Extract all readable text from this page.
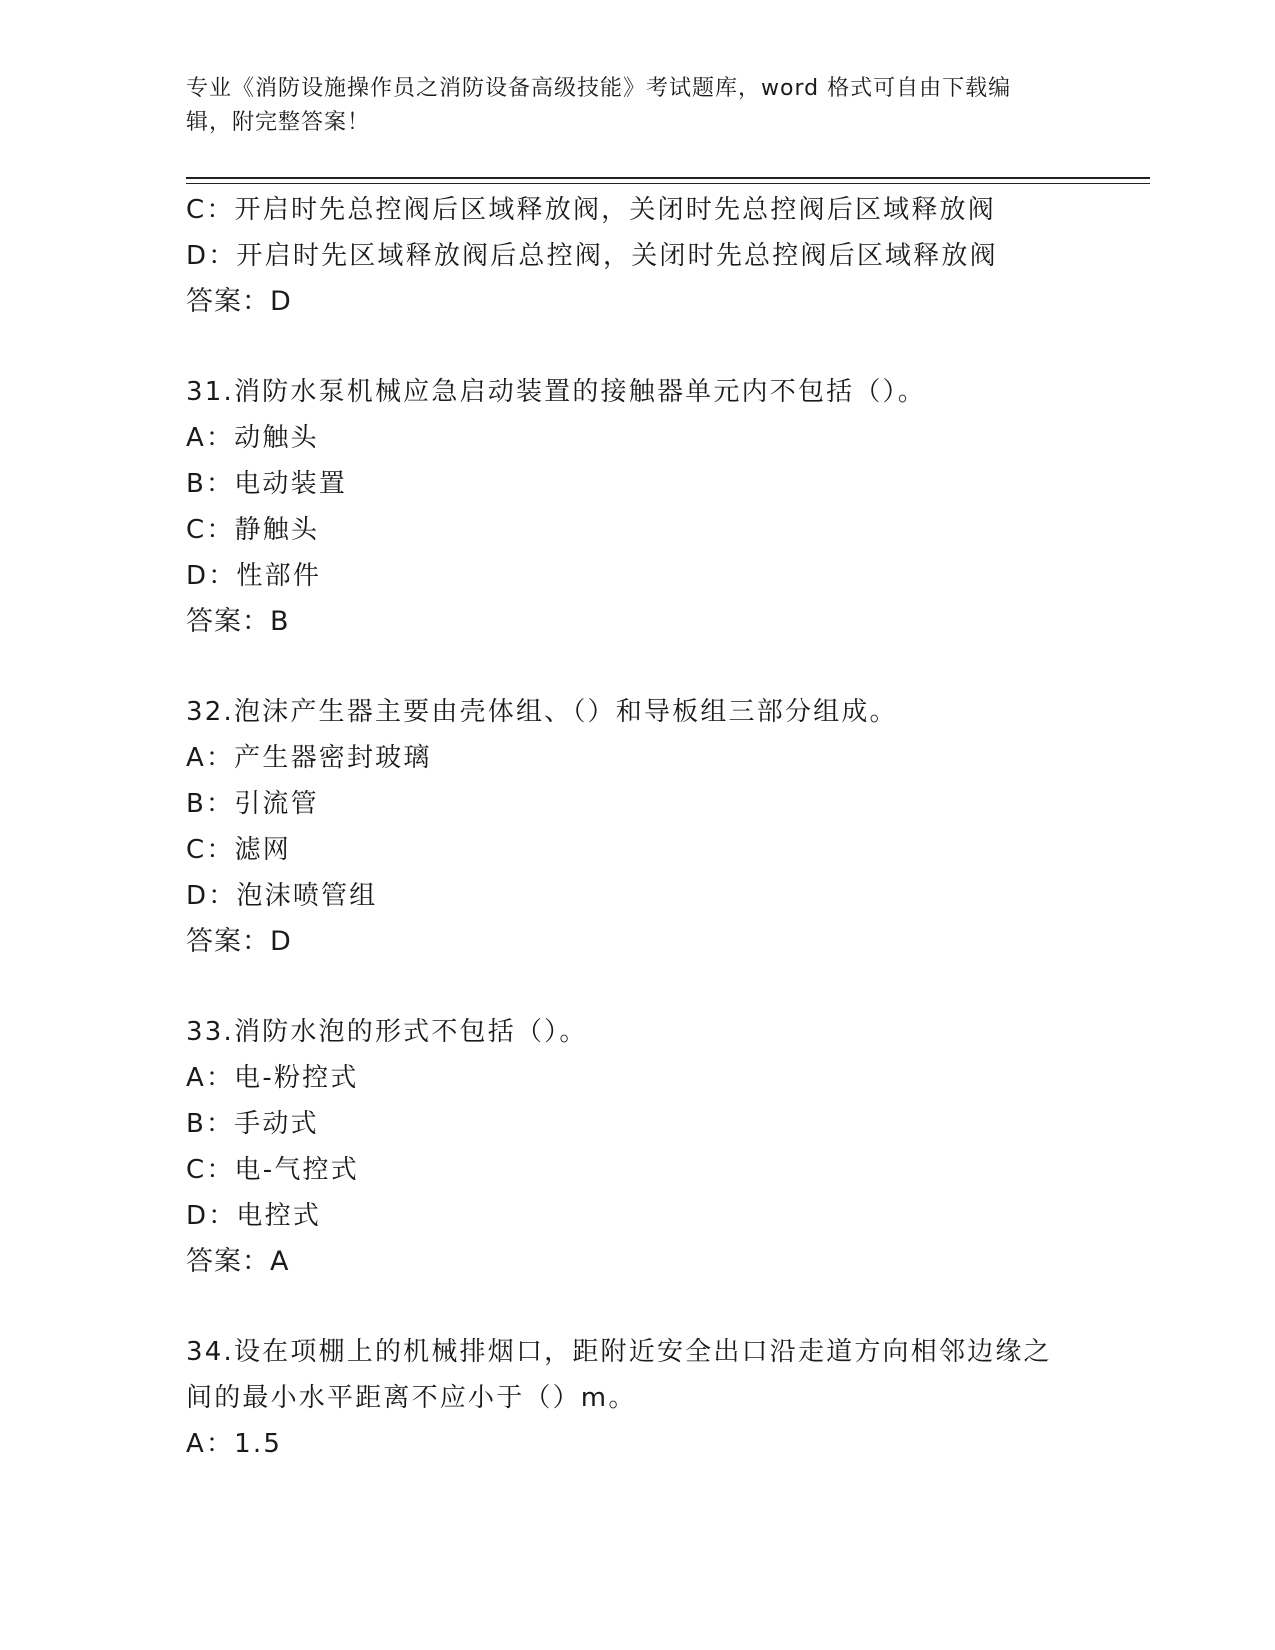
专业《消防设施操作员之消防设备高级技能》考试题库，word 格式可自由下载编
辑，附完整答案！
C：开启时先总控阀后区域释放阀，关闭时先总控阀后区域释放阀
D：开启时先区域释放阀后总控阀，关闭时先总控阀后区域释放阀
答案：D
31.消防水泵机械应急启动装置的接触器单元内不包括（）。
A：动触头
B：电动装置
C：静触头
D：性部件
答案：B
32.泡沫产生器主要由壳体组、（）和导板组三部分组成。
A：产生器密封玻璃
B：引流管
C：滤网
D：泡沫喷管组
答案：D
33.消防水泡的形式不包括（）。
A：电-粉控式
B：手动式
C：电-气控式
D：电控式
答案：A
34.设在项棚上的机械排烟口，距附近安全出口沿走道方向相邻边缘之
间的最小水平距离不应小于（）m。
A：1.5
